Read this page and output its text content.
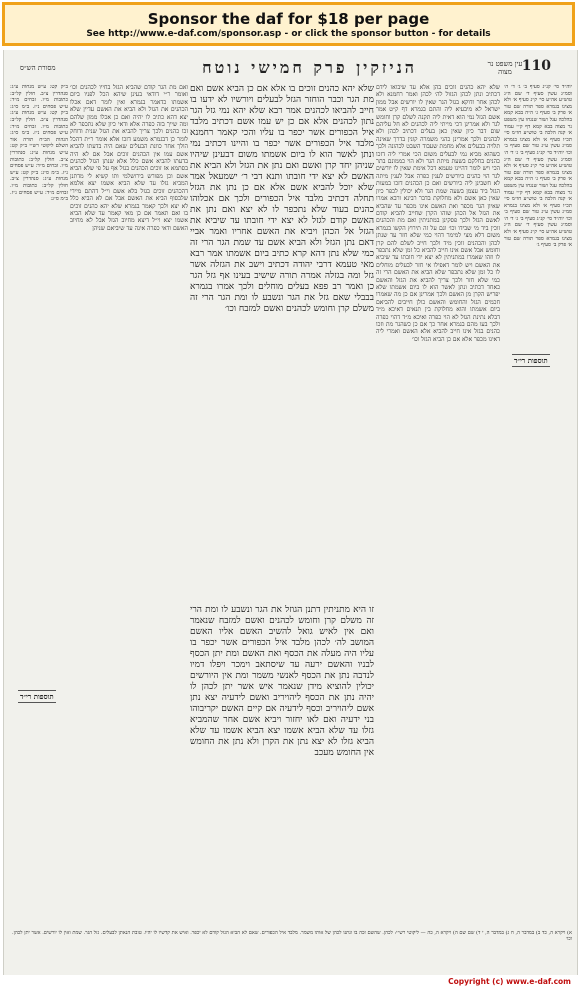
Sponsor the daf for $18 per page
See http://www.e-daf.com/sponsor.asp - or click the sponsor button - for details
110
הניזקין פרק חמישי נוטח
מסורת הש״ס	עין משפט נר מצוה
יוה״ד סי׳ קנ״ג סעיף ב׳ ג׳ ד׳ ה׳ וסמ״ג עשין סעיף ד׳ שם ה״ג טוש״ע אה״ע סי׳ ק״נ סעיף א׳ ולא מצינו בגמרא ספר תורה שם טור א׳ פרק ב׳ סעיף ג׳ ה״ה בבא קמא בהלכה עגל ושור שנגחו עין משפט נר מצוה בבא קמא דף ק״י עמוד א׳ קנה הלכה ב׳ טוש״ע חו״מ סי׳ תכ״ו סעיף א׳ ולא מצינו בגמרא סמ״ג עשין ע״ג טור שם סעיף ב׳ וכו׳ יוה״ד סי׳ קנ״ג סעיף ב׳ ג׳ ד׳ ה׳ וסמ״ג עשין סעיף ד׳ שם ה״ג טוש״ע אה״ע סי׳ ק״נ סעיף א׳ ולא מצינו בגמרא ספר תורה שם טור א׳ פרק ב׳ סעיף ג׳ ה״ה בבא קמא בהלכה עגל ושור שנגחו עין משפט נר מצוה בבא קמא דף ק״י עמוד א׳ קנה הלכה ב׳ טוש״ע חו״מ סי׳ תכ״ו סעיף א׳ ולא מצינו בגמרא סמ״ג עשין ע״ג טור שם סעיף ב׳ וכו׳ יוה״ד סי׳ קנ״ג סעיף ב׳ ג׳ ד׳ ה׳ וסמ״ג עשין סעיף ד׳ שם ה״ג טוש״ע אה״ע סי׳ ק״נ סעיף א׳ ולא מצינו בגמרא ספר תורה שם טור א׳ פרק ב׳ סעיף ג׳
שלא יהא כהנים זוכים בהן אלא עד שיבואו לידם דכתיב ונתן לכהן הגזול לה׳ לכהן ואמר רחמנא ולא לכהן אחר ודוקא בגזל הגר שאין לו יורשים אבל ממון ישראל לא מיבעיא ליה והתם בגמרא דף ק״ט אמר אשם הגזל נמי הוא דאית ליה תקנה לשלם קרן וחומש לגר ולא אמרינן דכי מייתי ליה לכהנים לא חל עליהם שום דבר כיון שאין כאן בעלים דכתיב לכהן ולא לכהנים ולכך אמרינן כהני משמרה קונין בדרך שאינה תלויה בבעלים אלא מחמת שעבוד השבט לכהונה ולכך כשהוא מביא נמי לבעלים משום הכי אמרי ליה דזכו כהנים בחלקם בשעת מיתת הגר ולא הוי כממונם בתר הכי ויש לומר דהיינו טעמא דכל אימת שאין לו יורשים לגר הוי כהנים כיורשים לענין כפרה אבל לענין מיתה לא חשבינן ליה כיורשים ואם כן הכהנים דזכו במעות הגזל ביד עצמן בשעה שמת הגר ולא יכולין לכפר כיון שאין כאן אשם ולא מחלוקת בדבר רבינא ורבא אמרו שאיון הגר מכפר ואת האשם אינו מכפר עד שהביא את הגזל אל הכהן שזהו הקרן שחייב להביא קודם לאשם הגזל ולכך פסקינן במתניתין ואם מת והכהנים זוכין ביד מי שבידו וכו׳ וגם על זה תירוץ הקשו בגמרא משום דלא מצי למימר דהוי כמי שלא חזר עד שנתן לכהן והכהנים זוכין מיד ולכך חייב לשלם להם קרן וחומש אבל אשם אינו חייב להביא כל זמן שלא נתכפר לו וזהו שאמרו במתניתין לא יצא ידי חובתו עד שיביא את האשם ויש לומר דאפילו אי חזר לבעלים מוחלים לו כל זמן שלא נתכפר שלא הביא את האשם הרי זה כמי שלא חזר ולכך צריך להביא את הגזל והאשם כאחד דכתיב ונתן לאשר הוא לו ביום אשמתו שלא יפריש הקרן מן האשם ולכך אמרינן אם כן מה שאמרו חכמים הגזל והחומש והאשם כולן חייבים להביאם ביום אשמתו והוא מחלוקת בין תנאים דאיכא מ״ד דבלא נתינת הגזל לא הוי כפרה ואיכא מ״ד דהוי כפרה ולכך בעו מהם בגמרא אחר כך אם כן כשהגר מת וזכו כהנים בגזל אינו חייב להביא אלא האשם ואמרי ליה דאינו מכפר אלא אם כן הביא הגזל וכו׳
שלא יהא כהנים זוכים בו אלא אם כן הביא אשם ואם מת הגר וכבר הוחזר הגזל לבעלים ויורשיו לא ידעו בו חייב להביאו לכהנים אמר רבא שלא יהא נמי גזל הגר נתון לכהנים אלא אם כן יש עמו אשם דכתיב מלבד איל הכפורים אשר יכפר בו עליו והכי קאמר רחמנא מלבד איל הכפורים אשר יכפר בו והיינו דכתיב נמי ונתן לאשר הוא לו ביום אשמתו משום דבעינן שיהיו שניהן יחד קרן ואשם ואם נתן את הגזל ולא הביא את האשם לא יצא ידי חובתו ותנא דבי ר׳ ישמעאל אמר שלא יוכל להביא אשם אלא אם כן נתן את הגזל תחלה דכתיב מלבד איל הכפורים ולכך אם אכלוהו כהנים בעוד שלא נתכפר לו לא יצא ואם נתן את האשם קודם לגזל לא יצא ידי חובתו עד שיביא את הגזל אל הכהן ויביא את האשם אחריו ואמר אביי דאם נתן הגזל ולא הביא אשם עד שמת הגר הרי זה כמי שלא נתן דהא קרא כתיב ביום אשמתו אמר רבא מאי טעמא דרבי יהודה דכתיב וישב את הגזלה אשר גזל ומה בגזלה אמרה תורה שישיב בעינו אף גזל הגר כן ואמר רב פפא בעלים מוחלים ולכך אמרו בגמרא בבבלי שאם גזל את הגר ונשבע לו ומת הגר הרי זה משלם קרן וחומש לכהנים ואשם למזבח וכו׳
זו היא מתניתין דתנן הגוזל את הגר ונשבע לו ומת הרי זה משלם קרן וחומש לכהנים ואשם למזבח שנאמר ואם אין לאיש גואל להשיב האשם אליו האשם המושב לה׳ לכהן מלבד איל הכפורים אשר יכפר בו עליו היה מעלה את הכסף ואת האשם ומת יתן הכסף לבניו והאשם ירעה עד שיסתאב וימכר ויפלו דמיו לנדבה נתן את הכסף לאנשי משמר ומת אין היורשים יכולין להוציא מידן שנאמר איש אשר יתן לכהן לו יהיה נתן את הכסף ליהויריב ואשם לידעיה יצא נתן אשם ליהויריב וכסף לידעיה אם קיים האשם יקריבוהו בני ידעיה ואם לאו יחזור ויביא אשם אחר שהמביא גזלו עד שלא הביא אשמו יצא הביא אשמו עד שלא הביא גזלו לא יצא נתן את הקרן ולא נתן את החומש אין החומש מעכב
ואם מת הגר קודם שהביא הגזל בחייו לכהנים וכו׳ ואומר ר״י דודאי בעינן שיהא הכל לפניו ביום אשמתו כדאמר בגמרא ואין לומר דאם אכלו הכהנים את הגזל ולא הביא את האשם עדיין שלא יצא דהא כתיב לו יהיה ואם כן אכלו ממון שלהם ומה שייך בזה כפרה אלא ודאי כיון שלא נתכפר לא זכו כהנים ולכך צריך להביא את הגזל שנית ודוחק לומר כן דבגמרא משמע דזכו אלא אומר ר״ת דהכל הולך אחר כוונת הבעלים שאם היה בדעתו להביא אשם עמו אין הכהנים זוכים אבל אם לא היה בדעתו להביא אשם כלל אלא שנתן הגזל לכהנים בסתמא אז זוכים הכהנים בגזל אף על פי שלא הביא אשם וכן מפורש בירושלמי ותו קשיא לי מדתנן המביא גזלו עד שלא הביא אשמו יצא אלמא דהכהנים זוכים בגזל בלא אשם וי״ל דהתם מיירי שלבסוף הביא את האשם אבל אם לא הביא כלל לא יצא ולכך קאמר בגמרא שלא יהא כהנים זוכים בו ואם תאמר אם כן מאי קאמר עד שלא הביא אשמו יצא וי״ל דיצא מחיוב הגזל אבל לא מחיוב האשם ודאי כפרה אינה עד שיביאם שניהן
ב״ק קט: ע״ש מנחות ע״ג: סנהדרין צ״ב. חולין קל״ב: כתובות מ״ו. זבחים מ״ד: ע״ש פסחים נ״ז. ב״מ ס״ג: ב״ק קט: ע״ש מנחות ע״ג: סנהדרין צ״ב. חולין קל״ב: כתובות מ״ו. זבחים מ״ד: ע״ש פסחים נ״ז. ב״מ ס״ג: הגהות הב״ח תורה אור השלם ליקוטי רש״י ב״ק קט: ע״ש מנחות ע״ג: סנהדרין צ״ב. חולין קל״ב: כתובות מ״ו. זבחים מ״ד: ע״ש פסחים נ״ז. ב״מ ס״ג: ב״ק קט: ע״ש מנחות ע״ג: סנהדרין צ״ב. חולין קל״ב: כתובות מ״ו. זבחים מ״ד: ע״ש פסחים נ״ז. ב״מ ס״ג:
תוספות רי״ד
תוספות רי״ד
א) ויקרא ה, כד ב) במדבר ה, ח ג) במדבר ה, י ד) שם שם ה) ויקרא ה, כה — ליקוטי רש״י: לכהן. שהשם זכה בו ונתנו לכהן של אותו משמר. מלבד איל הכפורים. שאם לא הביא הגזל קודם לא יכפר. ואיש את קדשיו לו יהיו. טובת הנאתן לבעלים. גזל הגר. שמת ואין לו יורשים. אשר יתן לכהן. וכו׳
Copyright (c) www.e-daf.com
